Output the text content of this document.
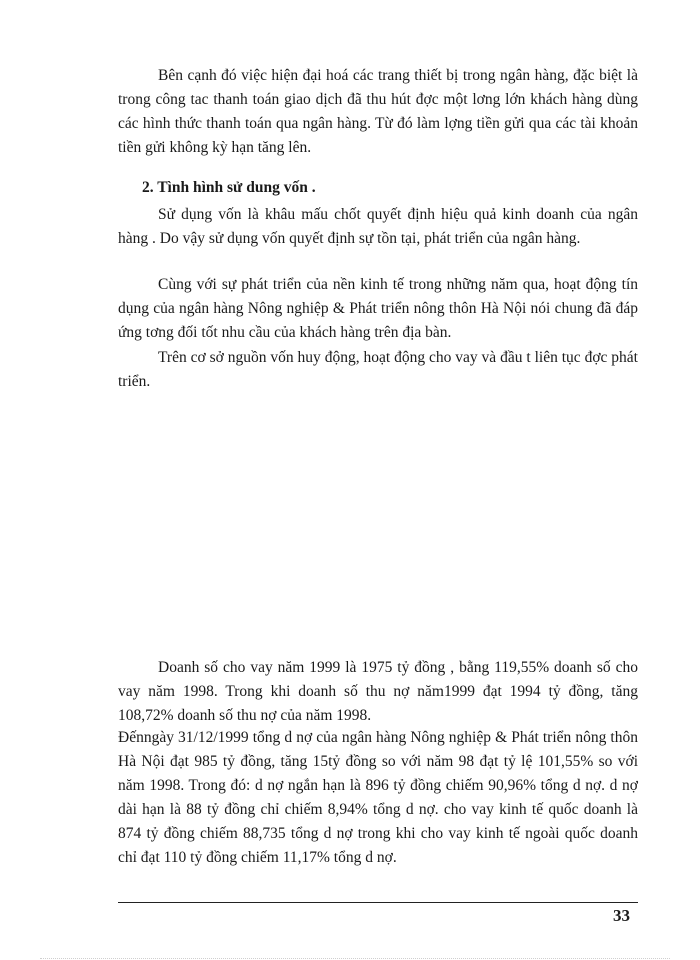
Bên cạnh đó việc hiện đại hoá các trang thiết bị trong ngân hàng, đặc biệt là trong công tac thanh toán giao dịch đã thu hút đợc một lơng lớn khách hàng dùng các hình thức thanh toán qua ngân hàng. Từ đó làm lợng tiền gửi qua các tài khoản tiền gửi không kỳ hạn tăng lên.

2. Tình hình sử dung vốn .

Sử dụng vốn là khâu mấu chốt quyết định hiệu quả kinh doanh của ngân hàng . Do vậy sử dụng vốn quyết định sự tồn tại, phát triển của ngân hàng.

Cùng với sự phát triển của nền kinh tế trong những năm qua, hoạt động tín dụng của ngân hàng Nông nghiệp & Phát triển nông thôn Hà Nội nói chung đã đáp ứng tơng đối tốt nhu cầu của khách hàng trên địa bàn.

Trên cơ sở nguồn vốn huy động, hoạt động cho vay và đầu t liên tục đợc phát triển.

Doanh số cho vay năm 1999 là 1975 tỷ đồng , bằng 119,55% doanh số cho vay năm 1998. Trong khi doanh số thu nợ năm1999 đạt 1994 tỷ đồng, tăng 108,72% doanh số thu nợ của năm 1998.

Đếnngày 31/12/1999 tổng d nợ của ngân hàng Nông nghiệp & Phát triển nông thôn Hà Nội đạt 985 tỷ đồng, tăng 15tỷ đồng so với năm 98 đạt tỷ lệ 101,55% so với năm 1998. Trong đó: d nợ ngắn hạn là 896 tỷ đồng chiếm 90,96% tổng d nợ. d nợ dài hạn là 88 tỷ đồng chỉ chiếm 8,94% tổng d nợ. cho vay kinh tế quốc doanh là 874 tỷ đồng chiếm 88,735 tổng d nợ trong khi cho vay kinh tế ngoài quốc doanh chỉ đạt 110 tỷ đồng chiếm 11,17% tổng d nợ.

33
